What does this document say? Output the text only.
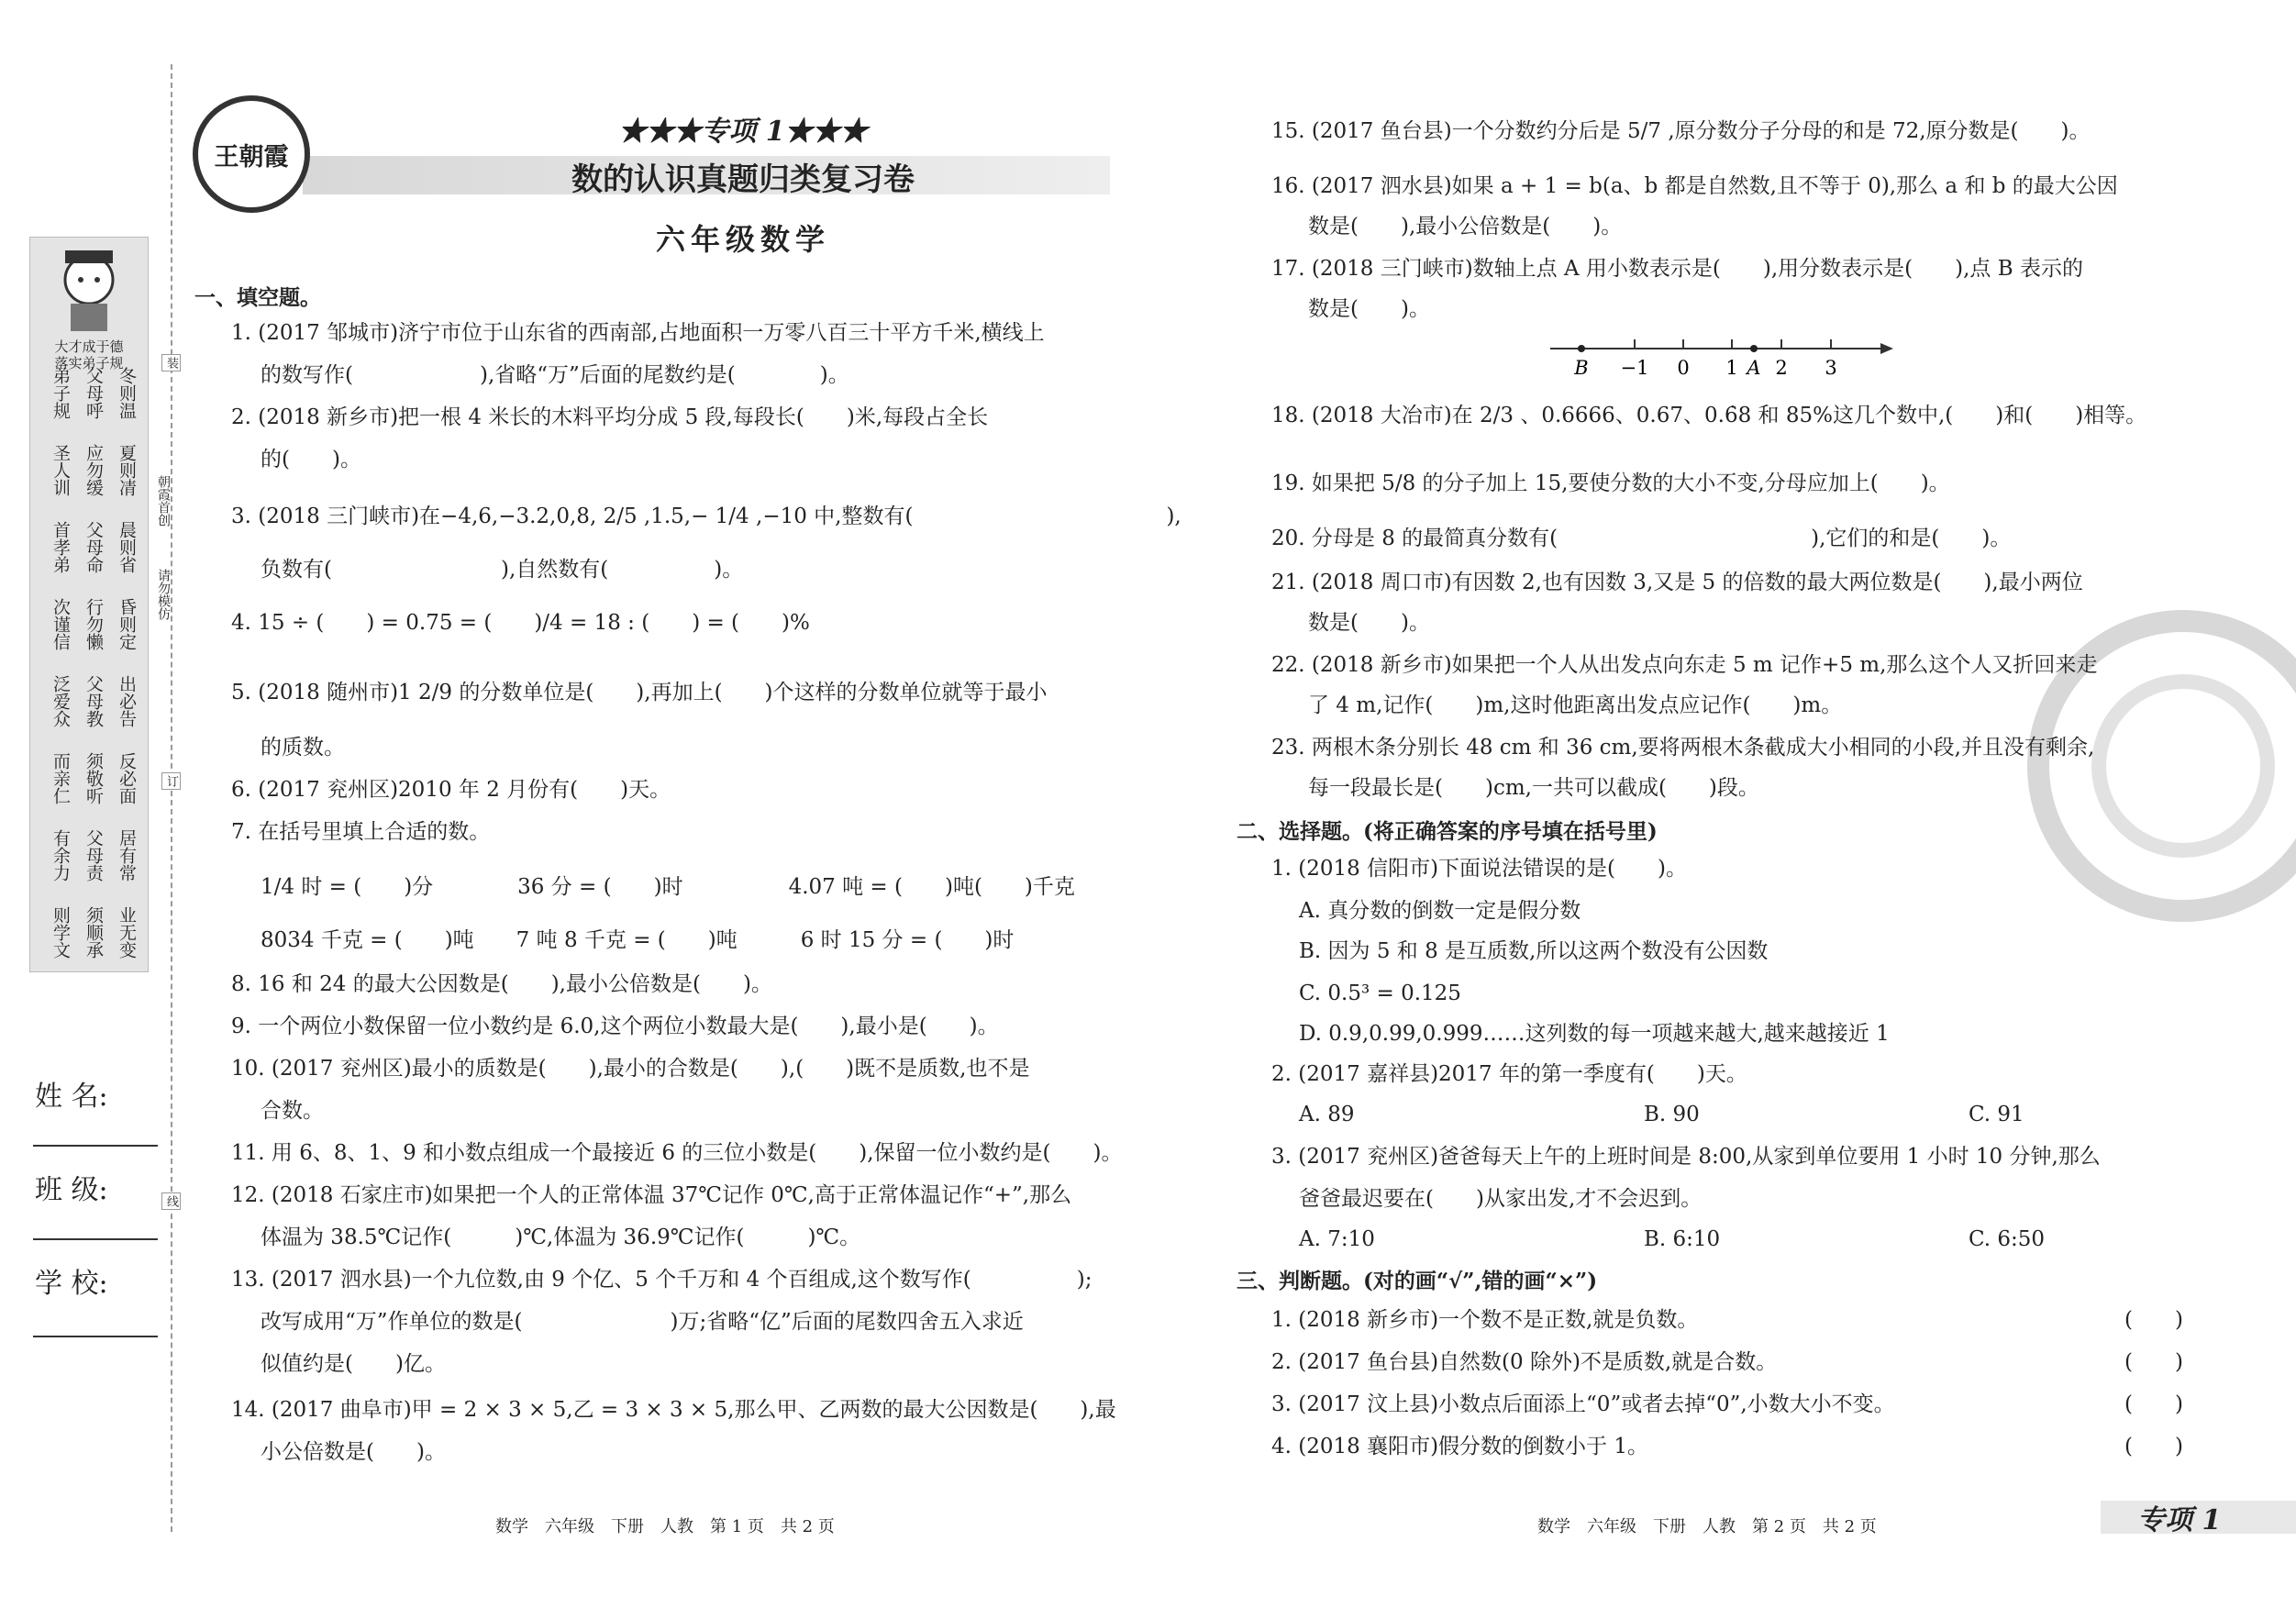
大才成于德
落实弟子规
冬则温
夏则凊
晨则省
昏则定
出必告
反必面
居有常
业无变
父母呼
应勿缓
父母命
行勿懒
父母教
须敬听
父母责
须顺承
弟子规
圣人训
首孝弟
次谨信
泛爱众
而亲仁
有余力
则学文
装
订
线
朝霞首创
请勿模仿
姓 名:
班 级:
学 校:
王朝霞
★★★专项 1★★★
数的认识真题归类复习卷
六年级数学
一、填空题。
1. (2017 邹城市)济宁市位于山东省的西南部,占地面积一万零八百三十平方千米,横线上
的数写作(　　　　　　),省略“万”后面的尾数约是(　　　　)。
2. (2018 新乡市)把一根 4 米长的木料平均分成 5 段,每段长(　　)米,每段占全长
的(　　)。
3. (2018 三门峡市)在−4,6,−3.2,0,8, 2/5 ,1.5,− 1/4 ,−10 中,整数有(　　　　　　　　　　　　),
负数有(　　　　　　　　),自然数有(　　　　　)。
4. 15 ÷ (　　) = 0.75 = (　　)/4 = 18 : (　　) = (　　)%
5. (2018 随州市)1 2/9 的分数单位是(　　),再加上(　　)个这样的分数单位就等于最小
的质数。
6. (2017 兖州区)2010 年 2 月份有(　　)天。
7. 在括号里填上合适的数。
1/4 时 = (　　)分　　　　36 分 = (　　)时　　　　　4.07 吨 = (　　)吨(　　)千克
8034 千克 = (　　)吨　　7 吨 8 千克 = (　　)吨　　　6 时 15 分 = (　　)时
8. 16 和 24 的最大公因数是(　　),最小公倍数是(　　)。
9. 一个两位小数保留一位小数约是 6.0,这个两位小数最大是(　　),最小是(　　)。
10. (2017 兖州区)最小的质数是(　　),最小的合数是(　　),(　　)既不是质数,也不是
合数。
11. 用 6、8、1、9 和小数点组成一个最接近 6 的三位小数是(　　),保留一位小数约是(　　)。
12. (2018 石家庄市)如果把一个人的正常体温 37℃记作 0℃,高于正常体温记作“+”,那么
体温为 38.5℃记作(　　　)℃,体温为 36.9℃记作(　　　)℃。
13. (2017 泗水县)一个九位数,由 9 个亿、5 个千万和 4 个百组成,这个数写作(　　　　　);
改写成用“万”作单位的数是(　　　　　　　)万;省略“亿”后面的尾数四舍五入求近
似值约是(　　)亿。
14. (2017 曲阜市)甲 = 2 × 3 × 5,乙 = 3 × 3 × 5,那么甲、乙两数的最大公因数是(　　),最
小公倍数是(　　)。
数学　六年级　下册　人教　第 1 页　共 2 页
15. (2017 鱼台县)一个分数约分后是 5/7 ,原分数分子分母的和是 72,原分数是(　　)。
16. (2017 泗水县)如果 a + 1 = b(a、b 都是自然数,且不等于 0),那么 a 和 b 的最大公因
数是(　　),最小公倍数是(　　)。
17. (2018 三门峡市)数轴上点 A 用小数表示是(　　),用分数表示是(　　),点 B 表示的
数是(　　)。
18. (2018 大冶市)在 2/3 、0.6666、0.67、0.6̇8 和 85%这几个数中,(　　)和(　　)相等。
19. 如果把 5/8 的分子加上 15,要使分数的大小不变,分母应加上(　　)。
20. 分母是 8 的最简真分数有(　　　　　　　　　　　　),它们的和是(　　)。
21. (2018 周口市)有因数 2,也有因数 3,又是 5 的倍数的最大两位数是(　　),最小两位
数是(　　)。
22. (2018 新乡市)如果把一个人从出发点向东走 5 m 记作+5 m,那么这个人又折回来走
了 4 m,记作(　　)m,这时他距离出发点应记作(　　)m。
23. 两根木条分别长 48 cm 和 36 cm,要将两根木条截成大小相同的小段,并且没有剩余,
每一段最长是(　　)cm,一共可以截成(　　)段。
B −1 0 1 A 2 3
二、选择题。(将正确答案的序号填在括号里)
1. (2018 信阳市)下面说法错误的是(　　)。
A. 真分数的倒数一定是假分数
B. 因为 5 和 8 是互质数,所以这两个数没有公因数
C. 0.5³ = 0.125
D. 0.9,0.99,0.999……这列数的每一项越来越大,越来越接近 1
2. (2017 嘉祥县)2017 年的第一季度有(　　)天。
A. 89	B. 90	C. 91
3. (2017 兖州区)爸爸每天上午的上班时间是 8:00,从家到单位要用 1 小时 10 分钟,那么
爸爸最迟要在(　　)从家出发,才不会迟到。
A. 7:10	B. 6:10	C. 6:50
三、判断题。(对的画“√”,错的画“×”)
1. (2018 新乡市)一个数不是正数,就是负数。	(　　)
2. (2017 鱼台县)自然数(0 除外)不是质数,就是合数。	(　　)
3. (2017 汶上县)小数点后面添上“0”或者去掉“0”,小数大小不变。	(　　)
4. (2018 襄阳市)假分数的倒数小于 1。	(　　)
数学　六年级　下册　人教　第 2 页　共 2 页	专项 1
